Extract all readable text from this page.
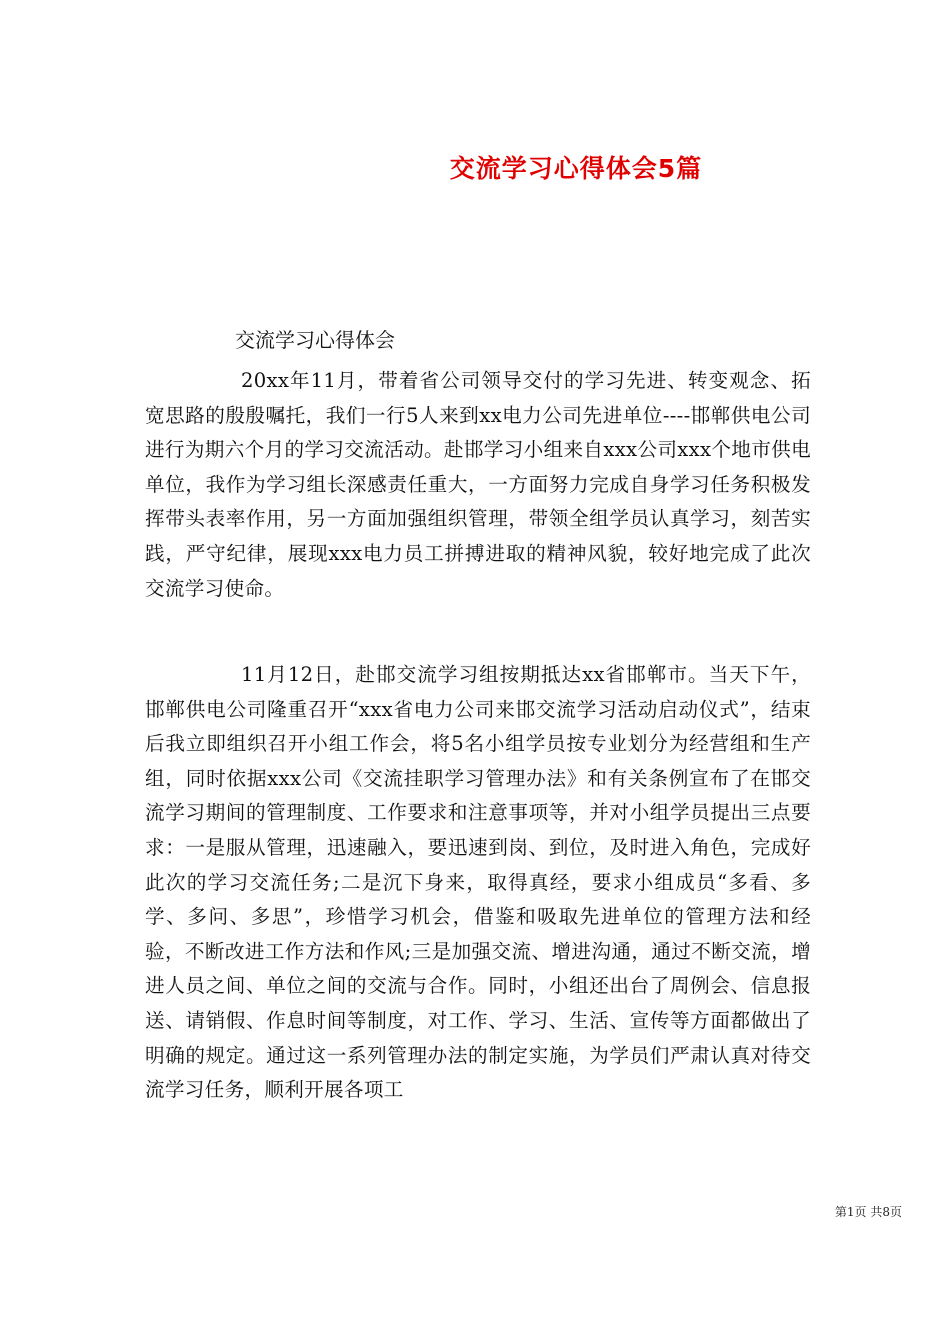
交流学习心得体会5篇
交流学习心得体会

20xx年11月，带着省公司领导交付的学习先进、转变观念、拓宽思路的殷殷嘱托，我们一行5人来到xx电力公司先进单位----邯郸供电公司进行为期六个月的学习交流活动。赴邯学习小组来自xxx公司xxx个地市供电单位，我作为学习组长深感责任重大，一方面努力完成自身学习任务积极发挥带头表率作用，另一方面加强组织管理，带领全组学员认真学习，刻苦实践，严守纪律，展现xxx电力员工拼搏进取的精神风貌，较好地完成了此次交流学习使命。

11月12日，赴邯交流学习组按期抵达xx省邯郸市。当天下午，邯郸供电公司隆重召开“xxx省电力公司来邯交流学习活动启动仪式”，结束后我立即组织召开小组工作会，将5名小组学员按专业划分为经营组和生产组，同时依据xxx公司《交流挂职学习管理办法》和有关条例宣布了在邯交流学习期间的管理制度、工作要求和注意事项等，并对小组学员提出三点要求：一是服从管理，迅速融入，要迅速到岗、到位，及时进入角色，完成好此次的学习交流任务;二是沉下身来，取得真经，要求小组成员“多看、多学、多问、多思”，珍惜学习机会，借鉴和吸取先进单位的管理方法和经验，不断改进工作方法和作风;三是加强交流、增进沟通，通过不断交流，增进人员之间、单位之间的交流与合作。同时，小组还出台了周例会、信息报送、请销假、作息时间等制度，对工作、学习、生活、宣传等方面都做出了明确的规定。通过这一系列管理办法的制定实施，为学员们严肃认真对待交流学习任务，顺利开展各项工

第1页 共8页
